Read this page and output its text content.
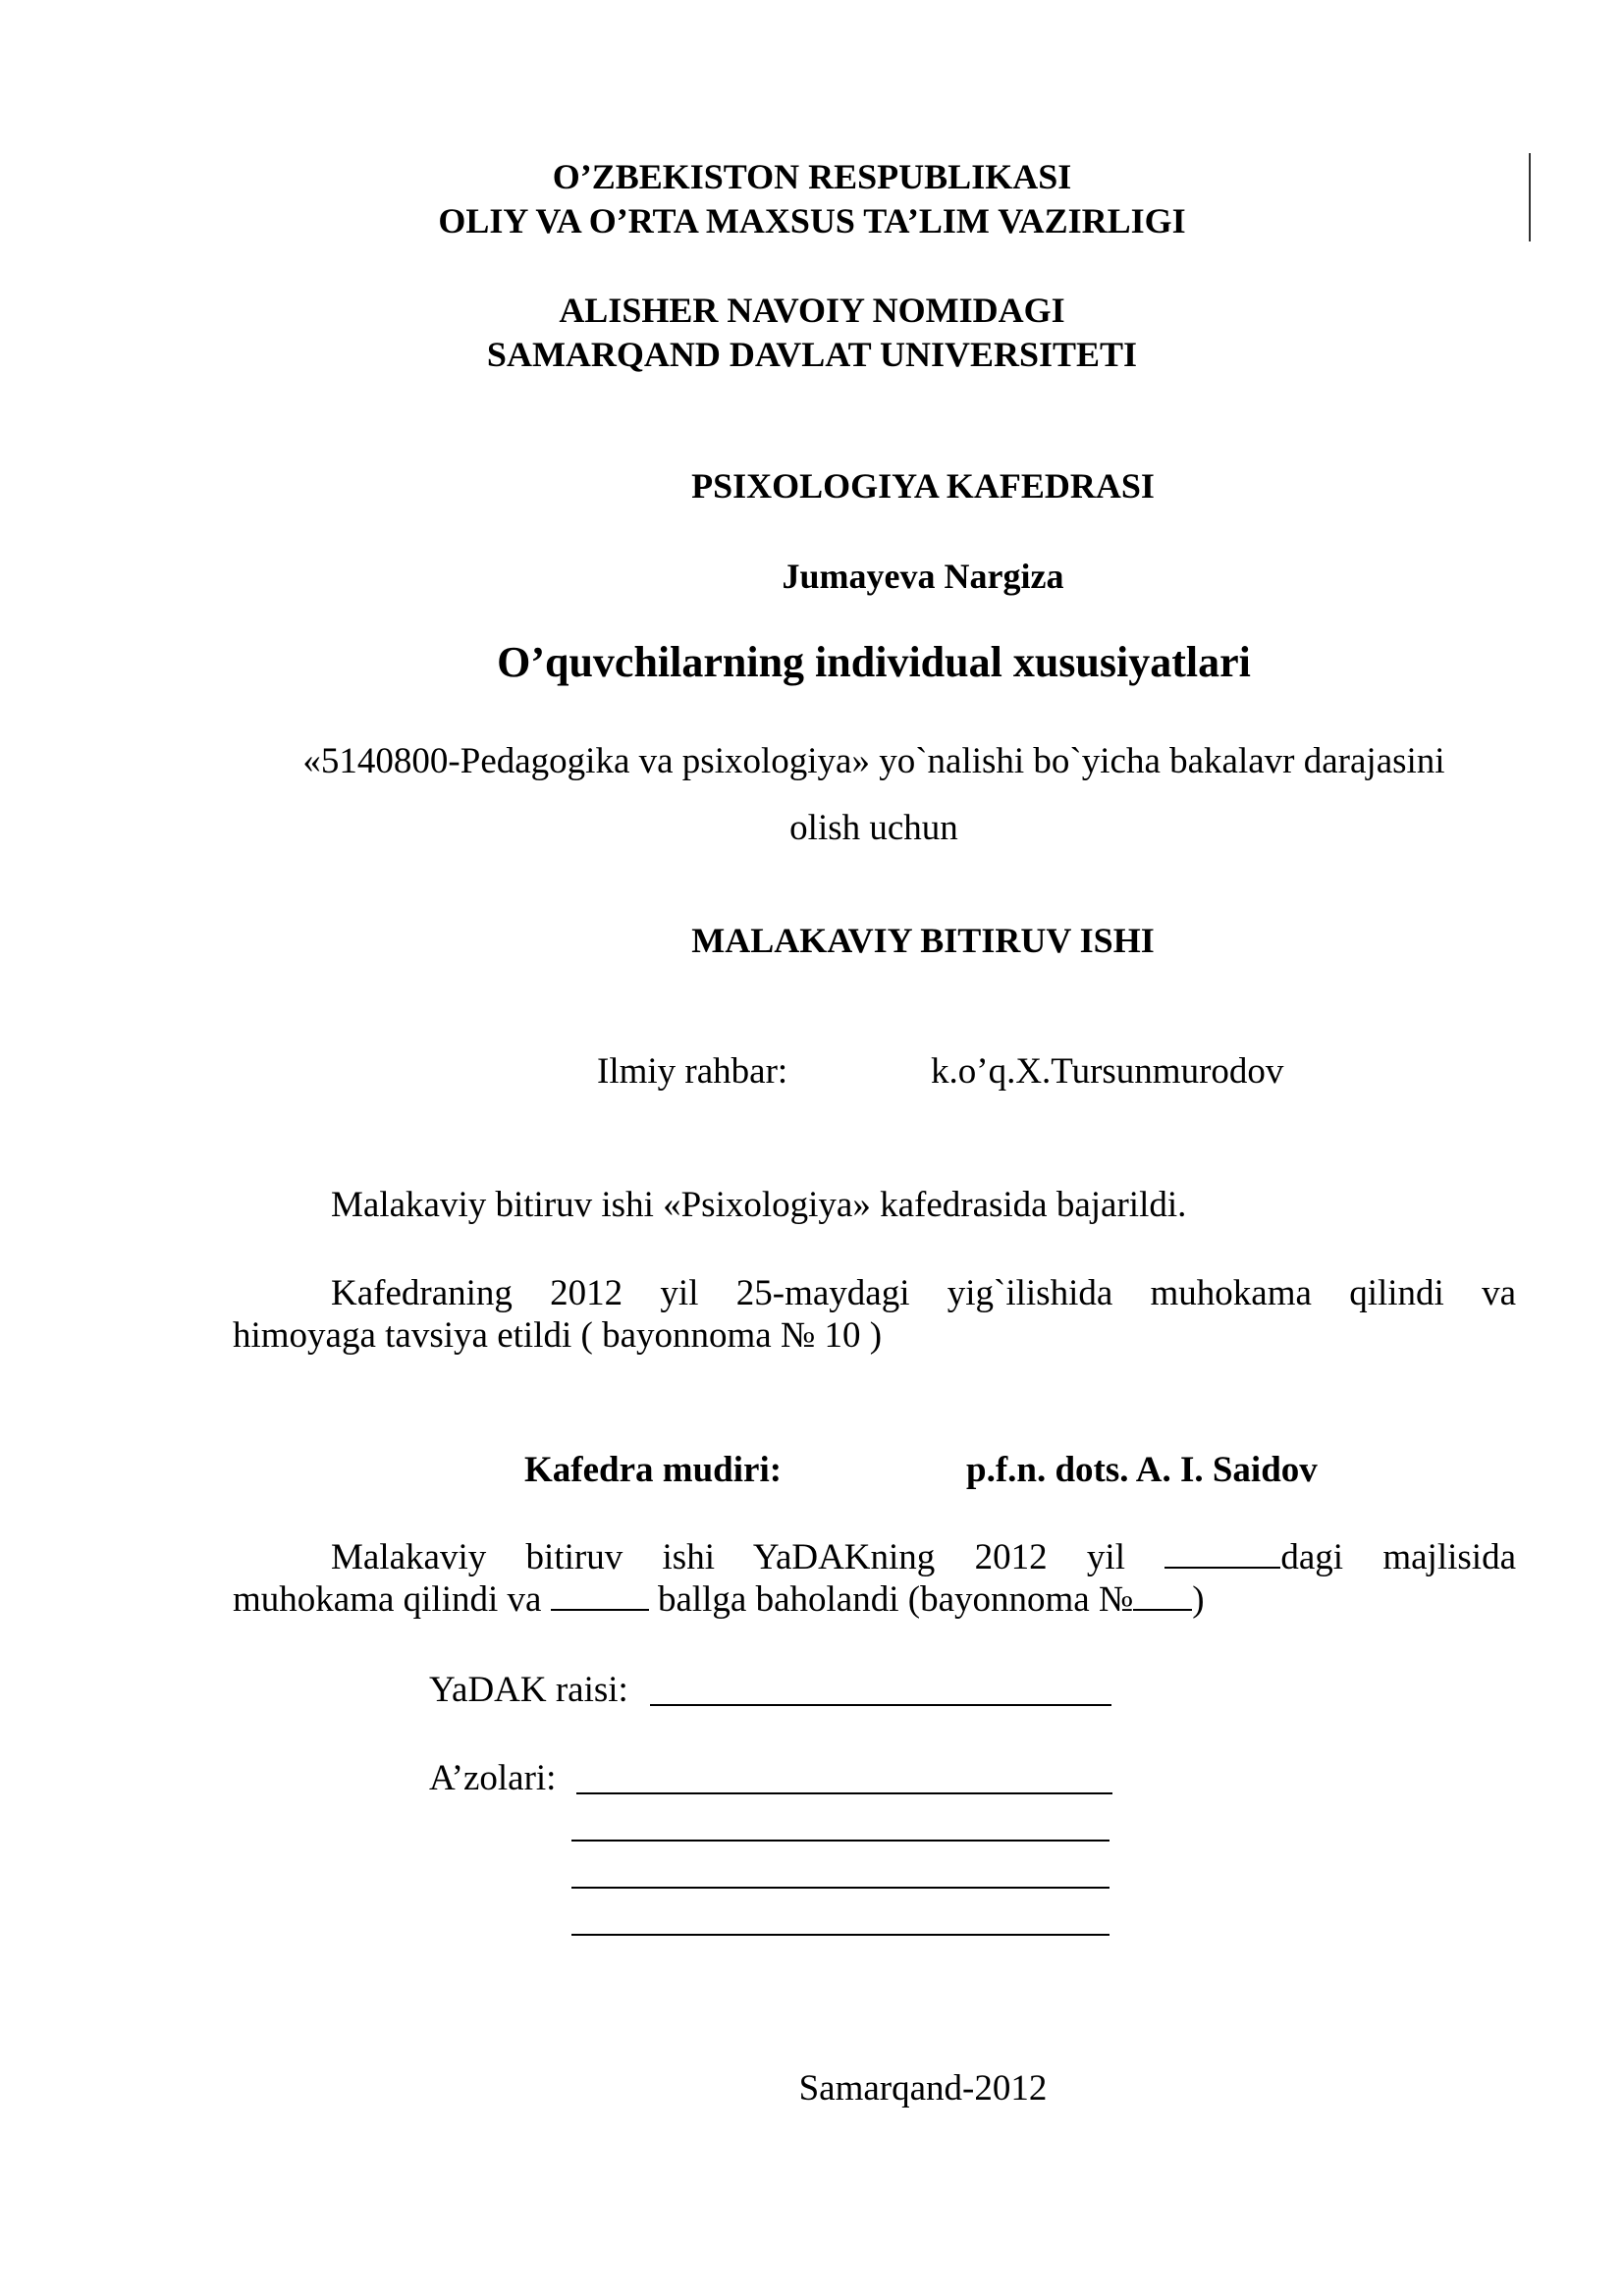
O’ZBEKISTON RESPUBLIKASI
OLIY VA O’RTA MAXSUS TA’LIM VAZIRLIGI
ALISHER NAVOIY NOMIDAGI
SAMARQAND DAVLAT UNIVERSITETI
PSIXOLOGIYA KAFEDRASI
Jumayeva Nargiza
O’quvchilarning individual xususiyatlari
«5140800-Pedagogika va psixologiya» yo`nalishi bo`yicha bakalavr darajasini
olish uchun
MALAKAVIY BITIRUV ISHI
Ilmiy rahbar:	k.o’q.X.Tursunmurodov
Malakaviy bitiruv ishi «Psixologiya» kafedrasida bajarildi.
Kafedraning 2012 yil 25-maydagi yig`ilishida muhokama qilindi va
himoyaga tavsiya etildi ( bayonnoma № 10 )
Kafedra mudiri:	p.f.n. dots. A. I. Saidov
Malakaviy bitiruv ishi YaDAKning 2012 yil	dagi majlisida
muhokama qilindi va	ballga baholandi (bayonnoma № )
YaDAK raisi:
A’zolari:
Samarqand-2012
